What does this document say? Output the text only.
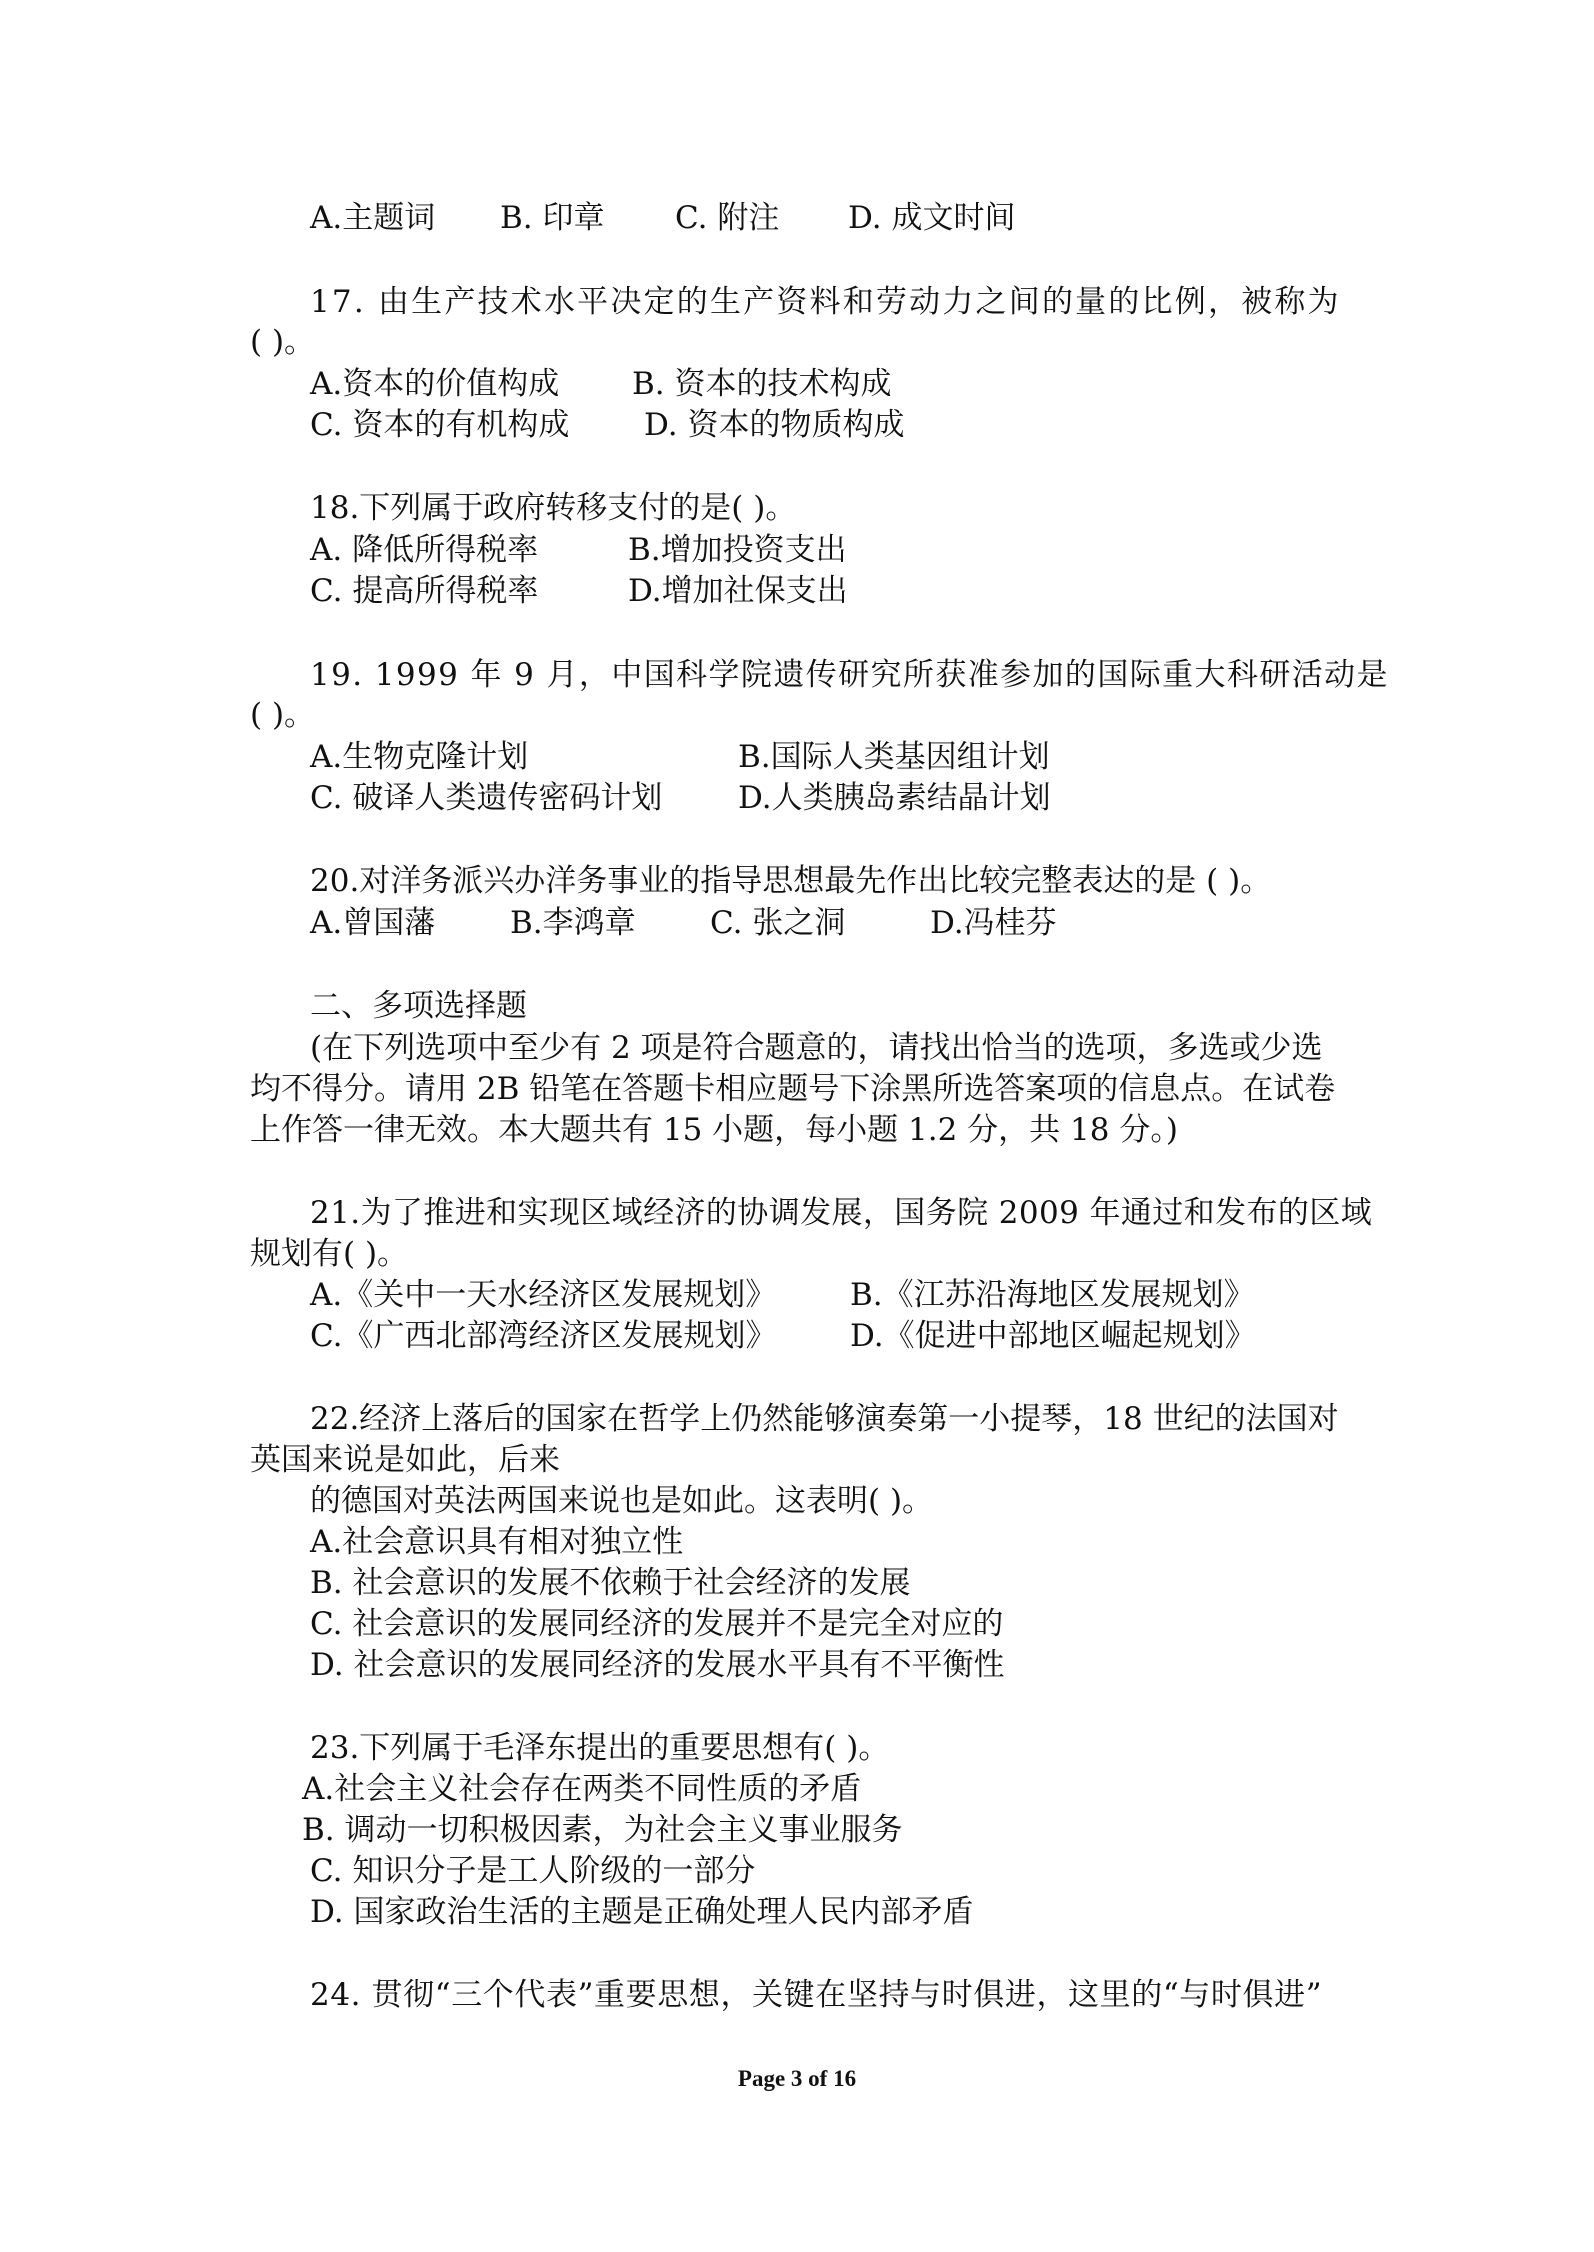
A.主题词 B. 印章 C. 附注 D. 成文时间
17. 由生产技术水平决定的生产资料和劳动力之间的量的比例，被称为
( )。
A.资本的价值构成 B. 资本的技术构成
C. 资本的有机构成 D. 资本的物质构成
18.下列属于政府转移支付的是( )。
A. 降低所得税率	B.增加投资支出
C. 提高所得税率	D.增加社保支出
19. 1999 年 9 月，中国科学院遗传研究所获准参加的国际重大科研活动是
( )。
A.生物克隆计划	B.国际人类基因组计划
C. 破译人类遗传密码计划 D.人类胰岛素结晶计划
20.对洋务派兴办洋务事业的指导思想最先作出比较完整表达的是 ( )。
A.曾国藩 B.李鸿章 C. 张之洞	D.冯桂芬
二、多项选择题
(在下列选项中至少有 2 项是符合题意的，请找出恰当的选项，多选或少选
均不得分。请用 2B 铅笔在答题卡相应题号下涂黑所选答案项的信息点。在试卷
上作答一律无效。本大题共有 15 小题，每小题 1.2 分，共 18 分。)
21.为了推进和实现区域经济的协调发展，国务院 2009 年通过和发布的区域
规划有( )。
A.《关中一天水经济区发展规划》 B.《江苏沿海地区发展规划》
C.《广西北部湾经济区发展规划》 D.《促进中部地区崛起规划》
22.经济上落后的国家在哲学上仍然能够演奏第一小提琴，18 世纪的法国对
英国来说是如此，后来
的德国对英法两国来说也是如此。这表明( )。
A.社会意识具有相对独立性
B. 社会意识的发展不依赖于社会经济的发展
C. 社会意识的发展同经济的发展并不是完全对应的
D. 社会意识的发展同经济的发展水平具有不平衡性
23.下列属于毛泽东提出的重要思想有( )。
A.社会主义社会存在两类不同性质的矛盾
B. 调动一切积极因素，为社会主义事业服务
C. 知识分子是工人阶级的一部分
D. 国家政治生活的主题是正确处理人民内部矛盾
24. 贯彻“三个代表”重要思想，关键在坚持与时俱进，这里的“与时俱进”
Page 3 of 16
